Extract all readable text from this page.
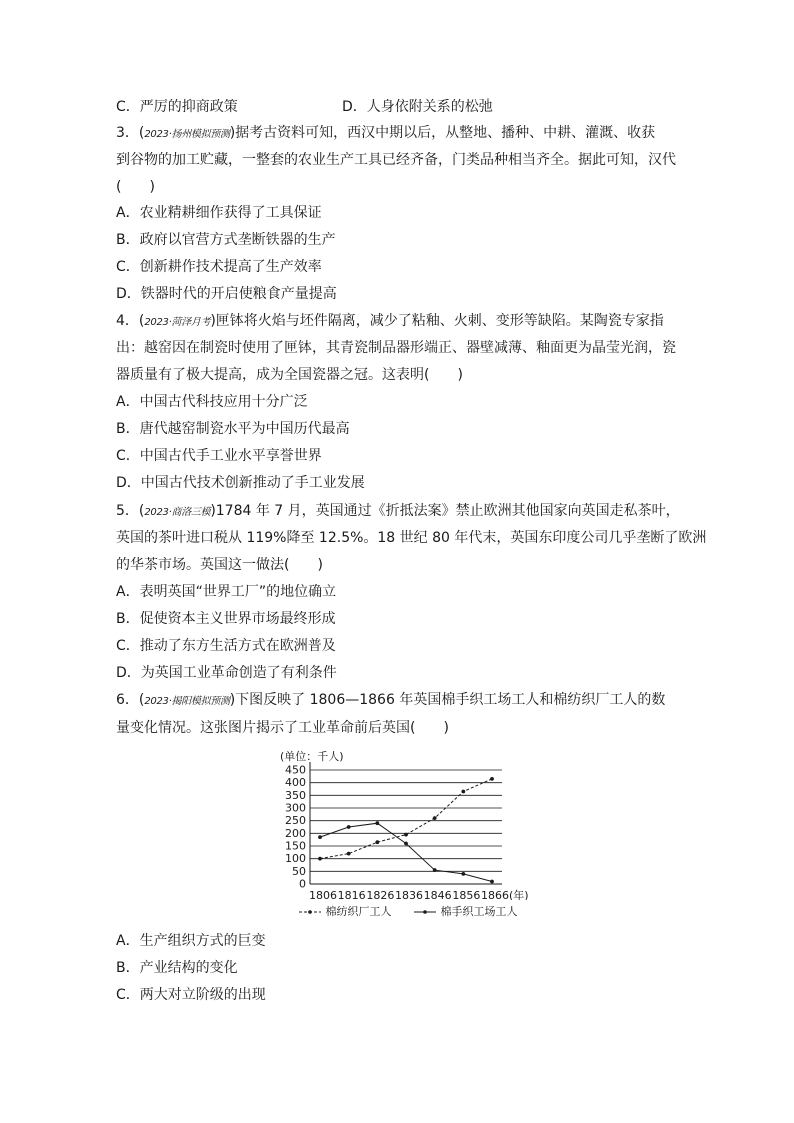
C．严厉的抑商政策	D．人身依附关系的松弛
3．(2023·扬州模拟预测)据考古资料可知，西汉中期以后，从整地、播种、中耕、灌溉、收获
到谷物的加工贮藏，一整套的农业生产工具已经齐备，门类品种相当齐全。据此可知，汉代
(　　)
A．农业精耕细作获得了工具保证
B．政府以官营方式垄断铁器的生产
C．创新耕作技术提高了生产效率
D．铁器时代的开启使粮食产量提高
4．(2023·菏泽月考)匣钵将火焰与坯件隔离，减少了粘釉、火刺、变形等缺陷。某陶瓷专家指
出：越窑因在制瓷时使用了匣钵，其青瓷制品器形端正、器壁减薄、釉面更为晶莹光润，瓷
器质量有了极大提高，成为全国瓷器之冠。这表明(　　)
A．中国古代科技应用十分广泛
B．唐代越窑制瓷水平为中国历代最高
C．中国古代手工业水平享誉世界
D．中国古代技术创新推动了手工业发展
5．(2023·商洛三模)1784 年 7 月，英国通过《折抵法案》禁止欧洲其他国家向英国走私茶叶，
英国的茶叶进口税从 119%降至 12.5%。18 世纪 80 年代末，英国东印度公司几乎垄断了欧洲
的华茶市场。英国这一做法(　　)
A．表明英国“世界工厂”的地位确立
B．促使资本主义世界市场最终形成
C．推动了东方生活方式在欧洲普及
D．为英国工业革命创造了有利条件
6．(2023·揭阳模拟预测)下图反映了 1806—1866 年英国棉手织工场工人和棉纺织厂工人的数
量变化情况。这张图片揭示了工业革命前后英国(　　)
(单位：千人)
0
50
100
150
200
250
300
350
400
450
1806 1816 1826 1836 1846 1856 1866(年)
棉纺织厂工人	棉手织工场工人
A．生产组织方式的巨变
B．产业结构的变化
C．两大对立阶级的出现
